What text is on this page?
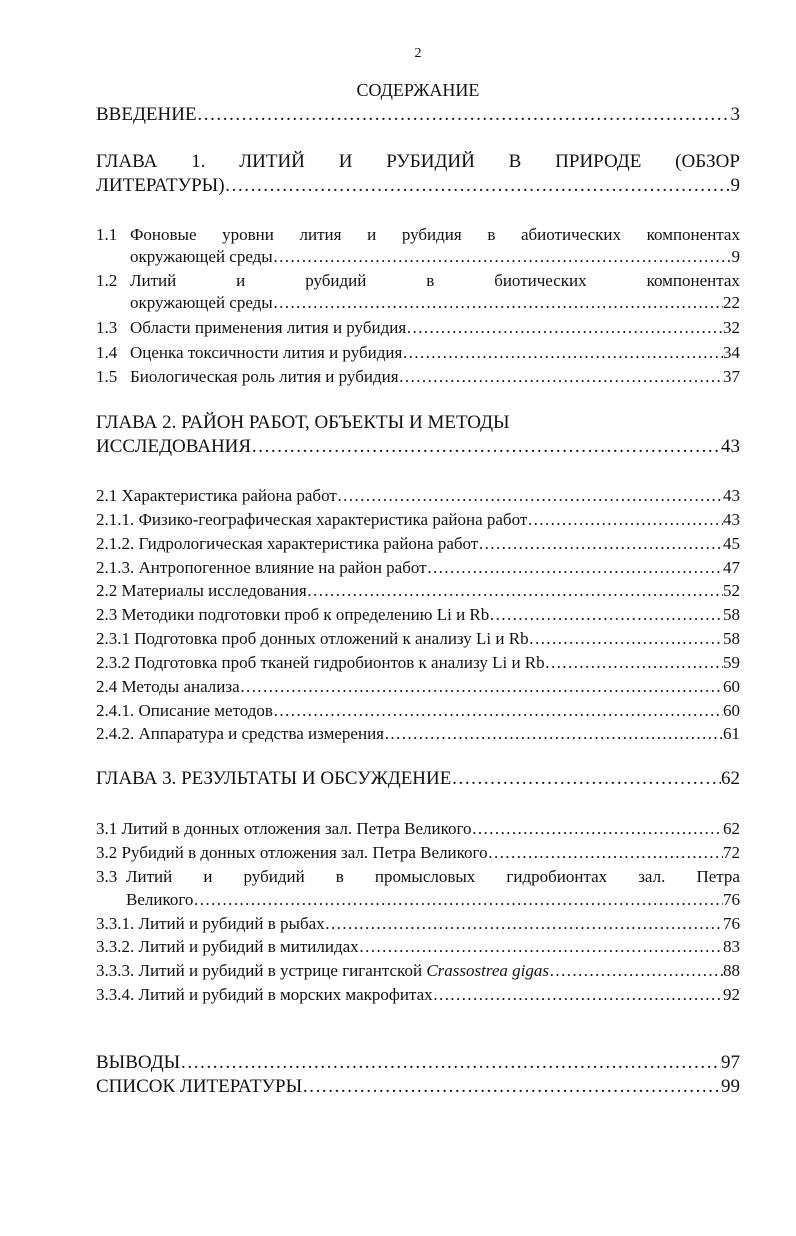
2
СОДЕРЖАНИЕ
ВВЕДЕНИЕ …………………………………………………………………………………………………………………………………………………………………………	3
ГЛАВА 1. ЛИТИЙ И РУБИДИЙ В ПРИРОДЕ (ОБЗОР
ЛИТЕРАТУРЫ) …………………………………………………………………………………………………………………………………………………………………………	9
1.1 Фоновые уровни лития и рубидия в абиотических компонентах
окружающей среды …………………………………………………………………………………………………………………………………………………………………………	9
1.2 Литий	и	рубидий	в	биотических	компонентах
окружающей среды …………………………………………………………………………………………………………………………………………………………………………	22
1.3 Области применения лития и рубидия …………………………………………………………………………………………………………………………………………………………………………	32
1.4 Оценка токсичности лития и рубидия …………………………………………………………………………………………………………………………………………………………………………	34
1.5 Биологическая роль лития и рубидия …………………………………………………………………………………………………………………………………………………………………………	37
ГЛАВА 2. РАЙОН РАБОТ, ОБЪЕКТЫ И МЕТОДЫ
ИССЛЕДОВАНИЯ …………………………………………………………………………………………………………………………………………………………………………	43
2.1 Характеристика района работ …………………………………………………………………………………………………………………………………………………………………………	43
2.1.1. Физико-географическая характеристика района работ …………………………………………………………………………………………………………………………………………………………………………	43
2.1.2. Гидрологическая характеристика района работ …………………………………………………………………………………………………………………………………………………………………………	45
2.1.3. Антропогенное влияние на район работ …………………………………………………………………………………………………………………………………………………………………………	47
2.2 Материалы исследования …………………………………………………………………………………………………………………………………………………………………………	52
2.3 Методики подготовки проб к определению Li и Rb …………………………………………………………………………………………………………………………………………………………………………	58
2.3.1 Подготовка проб донных отложений к анализу Li и Rb …………………………………………………………………………………………………………………………………………………………………………	58
2.3.2 Подготовка проб тканей гидробионтов к анализу Li и Rb …………………………………………………………………………………………………………………………………………………………………………	59
2.4 Методы анализа …………………………………………………………………………………………………………………………………………………………………………	60
2.4.1. Описание методов …………………………………………………………………………………………………………………………………………………………………………	60
2.4.2. Аппаратура и средства измерения …………………………………………………………………………………………………………………………………………………………………………	61
ГЛАВА 3. РЕЗУЛЬТАТЫ И ОБСУЖДЕНИЕ …………………………………………………………………………………………………………………………………………………………………………	62
3.1 Литий в донных отложения зал. Петра Великого …………………………………………………………………………………………………………………………………………………………………………	62
3.2 Рубидий в донных отложения зал. Петра Великого …………………………………………………………………………………………………………………………………………………………………………	72
3.3 Литий и рубидий в промысловых гидробионтах зал. Петра
Великого …………………………………………………………………………………………………………………………………………………………………………	76
3.3.1. Литий и рубидий в рыбах …………………………………………………………………………………………………………………………………………………………………………	76
3.3.2. Литий и рубидий в митилидах …………………………………………………………………………………………………………………………………………………………………………	83
3.3.3. Литий и рубидий в устрице гигантской Crassostrea gigas …………………………………………………………………………………………………………………………………………………………………………	88
3.3.4. Литий и рубидий в морских макрофитах …………………………………………………………………………………………………………………………………………………………………………	92
ВЫВОДЫ …………………………………………………………………………………………………………………………………………………………………………	97
СПИСОК ЛИТЕРАТУРЫ …………………………………………………………………………………………………………………………………………………………………………	99
